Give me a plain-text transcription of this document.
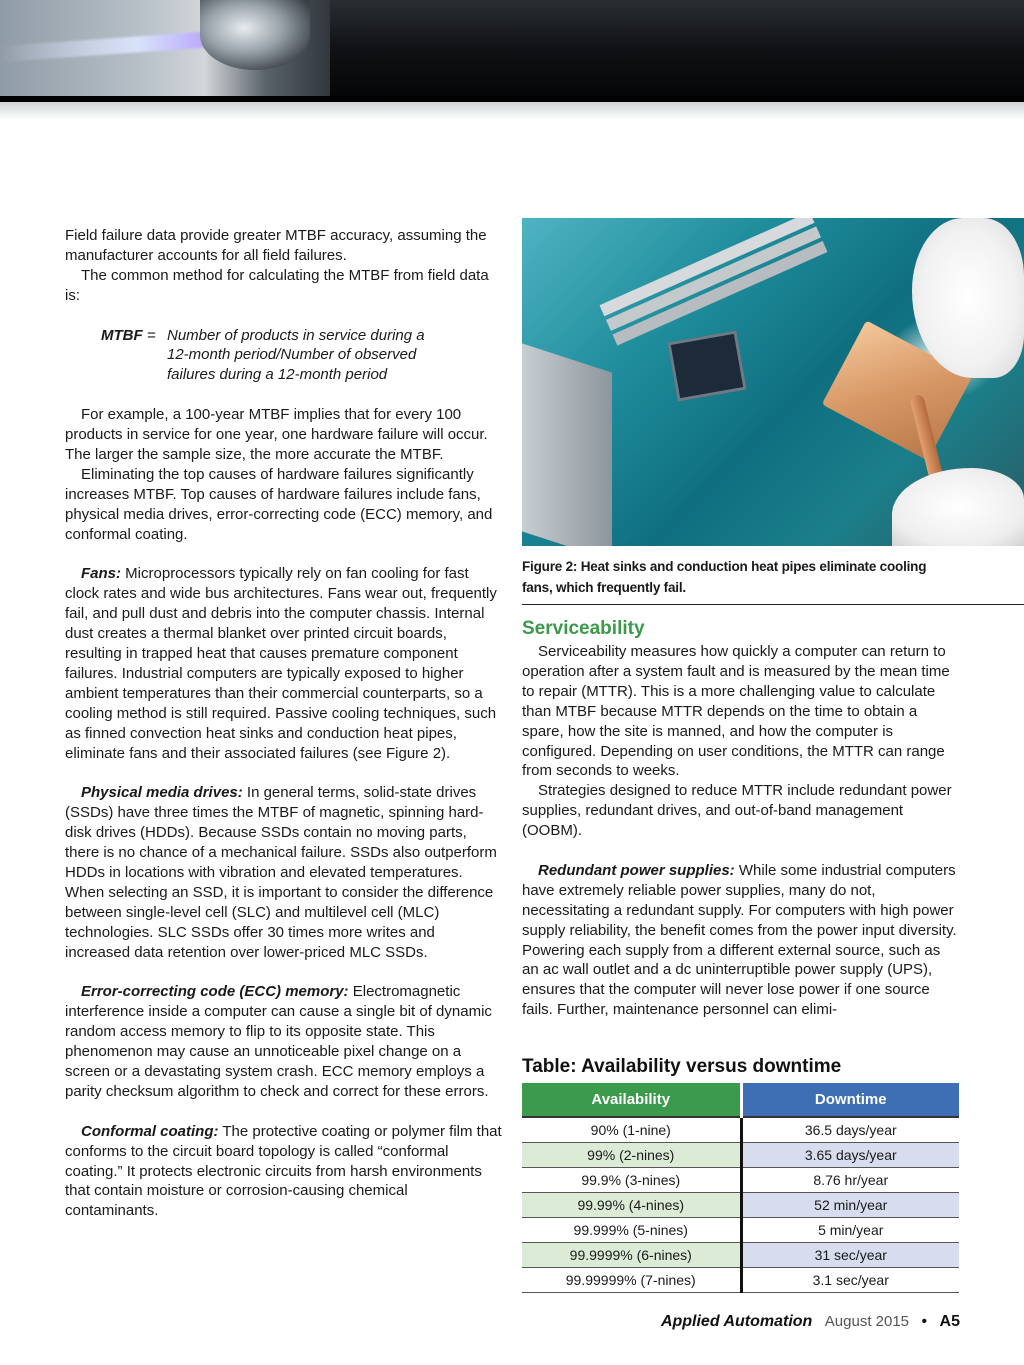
Field failure data provide greater MTBF accuracy, assuming the manufacturer accounts for all field failures.

The common method for calculating the MTBF from field data is:

MTBF = Number of products in service during a
12-month period/Number of observed
failures during a 12-month period

For example, a 100-year MTBF implies that for every 100 products in service for one year, one hardware failure will occur. The larger the sample size, the more accurate the MTBF.

Eliminating the top causes of hardware failures significantly increases MTBF. Top causes of hardware failures include fans, physical media drives, error-correcting code (ECC) memory, and conformal coating.

Fans: Microprocessors typically rely on fan cooling for fast clock rates and wide bus architectures. Fans wear out, frequently fail, and pull dust and debris into the computer chassis. Internal dust creates a thermal blanket over printed circuit boards, resulting in trapped heat that causes premature component failures. Industrial computers are typically exposed to higher ambient temperatures than their commercial counterparts, so a cooling method is still required. Passive cooling techniques, such as finned convection heat sinks and conduction heat pipes, eliminate fans and their associated failures (see Figure 2).

Physical media drives: In general terms, solid-state drives (SSDs) have three times the MTBF of magnetic, spinning hard-disk drives (HDDs). Because SSDs contain no moving parts, there is no chance of a mechanical failure. SSDs also outperform HDDs in locations with vibration and elevated temperatures. When selecting an SSD, it is important to consider the difference between single-level cell (SLC) and multilevel cell (MLC) technologies. SLC SSDs offer 30 times more writes and increased data retention over lower-priced MLC SSDs.

Error-correcting code (ECC) memory: Electromagnetic interference inside a computer can cause a single bit of dynamic random access memory to flip to its opposite state. This phenomenon may cause an unnoticeable pixel change on a screen or a devastating system crash. ECC memory employs a parity checksum algorithm to check and correct for these errors.

Conformal coating: The protective coating or polymer film that conforms to the circuit board topology is called “conformal coating.” It protects electronic circuits from harsh environments that contain moisture or corrosion-causing chemical contaminants.

Figure 2: Heat sinks and conduction heat pipes eliminate cooling fans, which frequently fail.
Serviceability

Serviceability measures how quickly a computer can return to operation after a system fault and is measured by the mean time to repair (MTTR). This is a more challenging value to calculate than MTBF because MTTR depends on the time to obtain a spare, how the site is manned, and how the computer is configured. Depending on user conditions, the MTTR can range from seconds to weeks.

Strategies designed to reduce MTTR include redundant power supplies, redundant drives, and out-of-band management (OOBM).

Redundant power supplies: While some industrial computers have extremely reliable power supplies, many do not, necessitating a redundant supply. For computers with high power supply reliability, the benefit comes from the power input diversity. Powering each supply from a different external source, such as an ac wall outlet and a dc uninterruptible power supply (UPS), ensures that the computer will never lose power if one source fails. Further, maintenance personnel can elimi-

Table: Availability versus downtime
Availability	Downtime
90% (1-nine)	36.5 days/year
99% (2-nines)	3.65 days/year
99.9% (3-nines)	8.76 hr/year
99.99% (4-nines)	52 min/year
99.999% (5-nines)	5 min/year
99.9999% (6-nines)	31 sec/year
99.99999% (7-nines)	3.1 sec/year
Applied Automation August 2015 • A5
